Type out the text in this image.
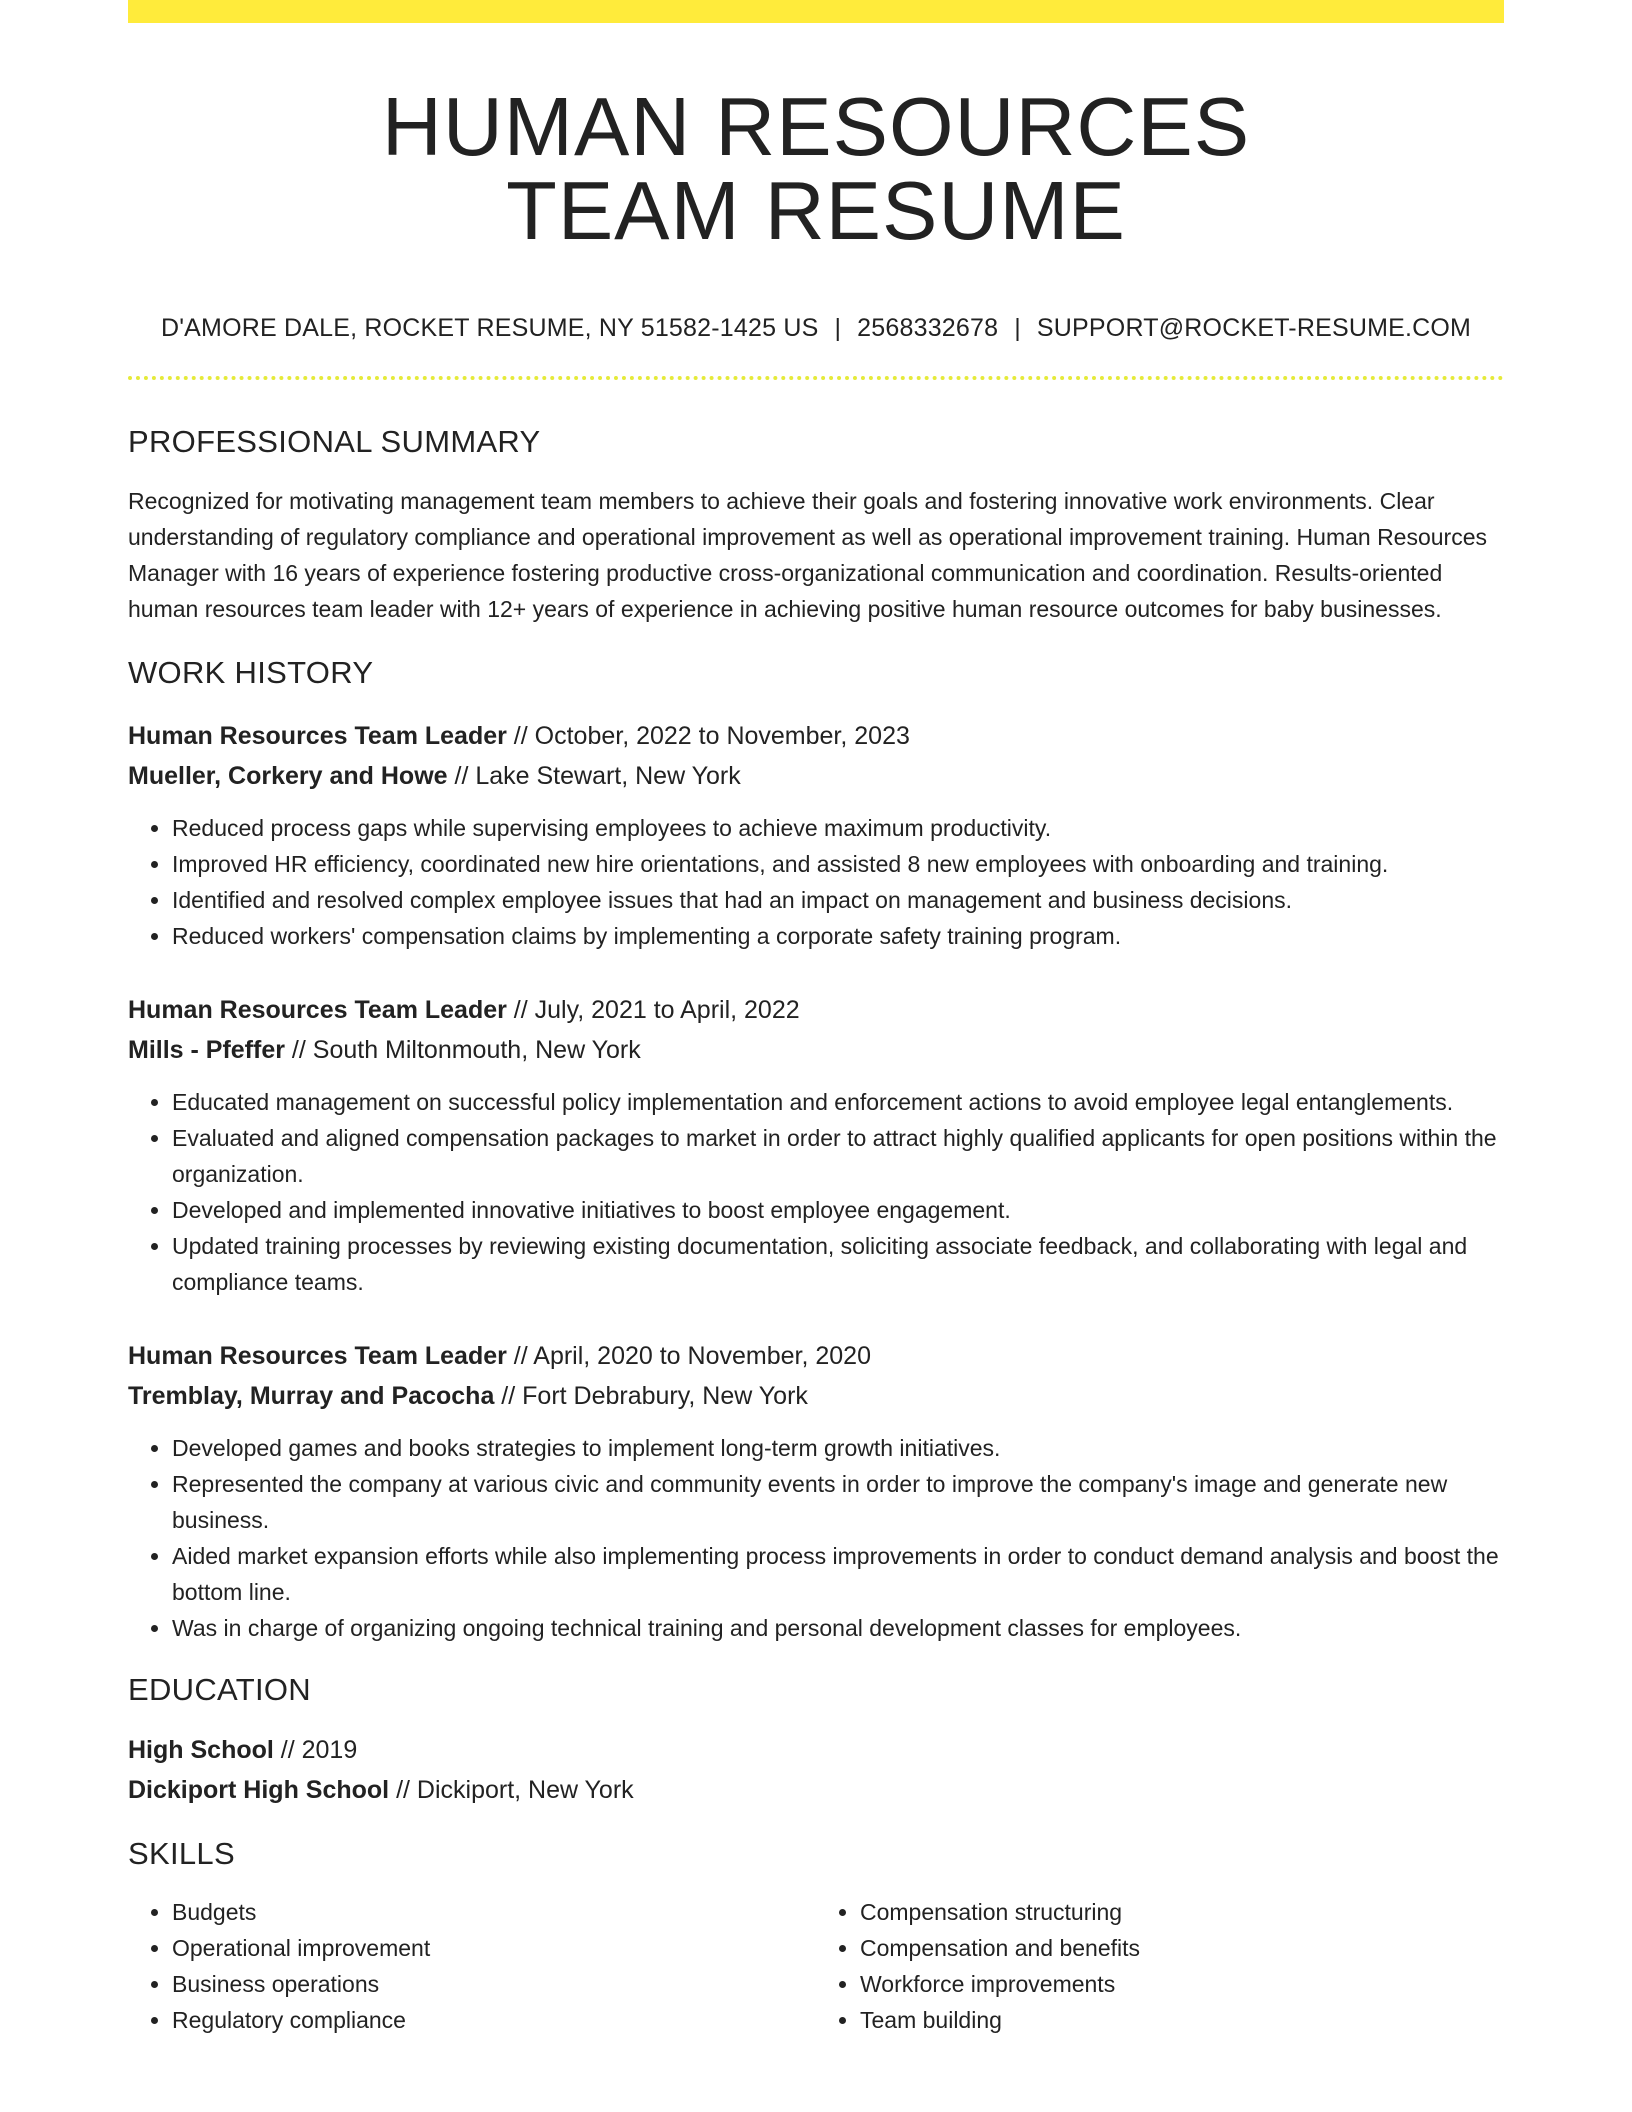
HUMAN RESOURCES
TEAM RESUME
D'AMORE DALE, ROCKET RESUME, NY 51582-1425 US | 2568332678 | SUPPORT@ROCKET-RESUME.COM
PROFESSIONAL SUMMARY

Recognized for motivating management team members to achieve their goals and fostering innovative work environments. Clear understanding of regulatory compliance and operational improvement as well as operational improvement training. Human Resources Manager with 16 years of experience fostering productive cross-organizational communication and coordination. Results-oriented human resources team leader with 12+ years of experience in achieving positive human resource outcomes for baby businesses.

WORK HISTORY
Human Resources Team Leader // October, 2022 to November, 2023
Mueller, Corkery and Howe // Lake Stewart, New York
• Reduced process gaps while supervising employees to achieve maximum productivity.
• Improved HR efficiency, coordinated new hire orientations, and assisted 8 new employees with onboarding and training.
• Identified and resolved complex employee issues that had an impact on management and business decisions.
• Reduced workers' compensation claims by implementing a corporate safety training program.
Human Resources Team Leader // July, 2021 to April, 2022
Mills - Pfeffer // South Miltonmouth, New York
• Educated management on successful policy implementation and enforcement actions to avoid employee legal entanglements.
• Evaluated and aligned compensation packages to market in order to attract highly qualified applicants for open positions within the organization.
• Developed and implemented innovative initiatives to boost employee engagement.
• Updated training processes by reviewing existing documentation, soliciting associate feedback, and collaborating with legal and compliance teams.
Human Resources Team Leader // April, 2020 to November, 2020
Tremblay, Murray and Pacocha // Fort Debrabury, New York
• Developed games and books strategies to implement long-term growth initiatives.
• Represented the company at various civic and community events in order to improve the company's image and generate new business.
• Aided market expansion efforts while also implementing process improvements in order to conduct demand analysis and boost the bottom line.
• Was in charge of organizing ongoing technical training and personal development classes for employees.
EDUCATION
High School // 2019
Dickiport High School // Dickiport, New York
SKILLS
• Budgets
• Operational improvement
• Business operations
• Regulatory compliance
• Compensation structuring
• Compensation and benefits
• Workforce improvements
• Team building
